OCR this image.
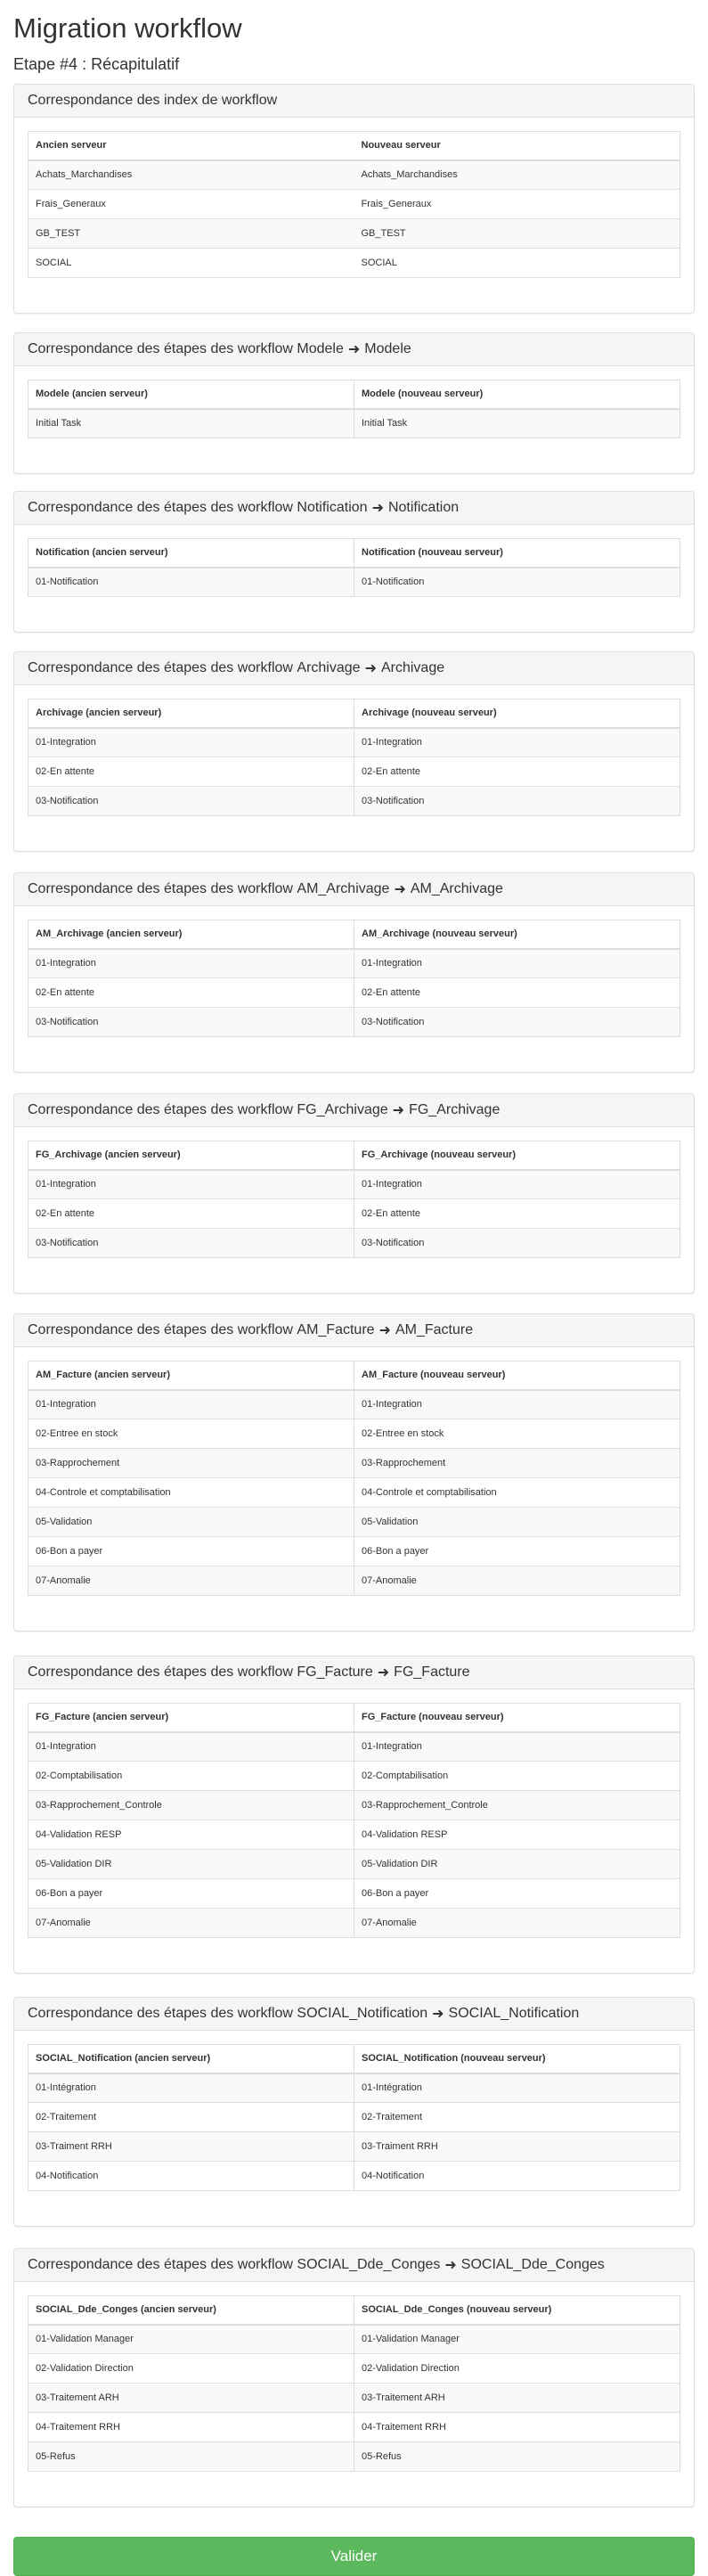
Migration workflow
Etape #4 : Récapitulatif
Correspondance des index de workflow
Ancien serveur	Nouveau serveur
Achats_Marchandises	Achats_Marchandises
Frais_Generaux	Frais_Generaux
GB_TEST	GB_TEST
SOCIAL	SOCIAL
Correspondance des étapes des workflow
Modele ➜ Modele
Modele (ancien serveur)	Modele (nouveau serveur)
Initial Task	Initial Task
Correspondance des étapes des workflow
Notification ➜ Notification
Notification (ancien serveur)	Notification (nouveau serveur)
01-Notification	01-Notification
Correspondance des étapes des workflow
Archivage ➜ Archivage
Archivage (ancien serveur)	Archivage (nouveau serveur)
01-Integration	01-Integration
02-En attente	02-En attente
03-Notification	03-Notification
Correspondance des étapes des workflow
AM_Archivage ➜ AM_Archivage
AM_Archivage (ancien serveur)	AM_Archivage (nouveau serveur)
01-Integration	01-Integration
02-En attente	02-En attente
03-Notification	03-Notification
Correspondance des étapes des workflow
FG_Archivage ➜ FG_Archivage
FG_Archivage (ancien serveur)	FG_Archivage (nouveau serveur)
01-Integration	01-Integration
02-En attente	02-En attente
03-Notification	03-Notification
Correspondance des étapes des workflow
AM_Facture ➜ AM_Facture
AM_Facture (ancien serveur)	AM_Facture (nouveau serveur)
01-Integration	01-Integration
02-Entree en stock	02-Entree en stock
03-Rapprochement	03-Rapprochement
04-Controle et comptabilisation	04-Controle et comptabilisation
05-Validation	05-Validation
06-Bon a payer	06-Bon a payer
07-Anomalie	07-Anomalie
Correspondance des étapes des workflow
FG_Facture ➜ FG_Facture
FG_Facture (ancien serveur)	FG_Facture (nouveau serveur)
01-Integration	01-Integration
02-Comptabilisation	02-Comptabilisation
03-Rapprochement_Controle	03-Rapprochement_Controle
04-Validation RESP	04-Validation RESP
05-Validation DIR	05-Validation DIR
06-Bon a payer	06-Bon a payer
07-Anomalie	07-Anomalie
Correspondance des étapes des workflow
SOCIAL_Notification ➜ SOCIAL_Notification
SOCIAL_Notification (ancien serveur)	SOCIAL_Notification (nouveau serveur)
01-Intégration	01-Intégration
02-Traitement	02-Traitement
03-Traiment RRH	03-Traiment RRH
04-Notification	04-Notification
Correspondance des étapes des workflow
SOCIAL_Dde_Conges ➜ SOCIAL_Dde_Conges
SOCIAL_Dde_Conges (ancien serveur)	SOCIAL_Dde_Conges (nouveau serveur)
01-Validation Manager	01-Validation Manager
02-Validation Direction	02-Validation Direction
03-Traitement ARH	03-Traitement ARH
04-Traitement RRH	04-Traitement RRH
05-Refus	05-Refus
Valider
